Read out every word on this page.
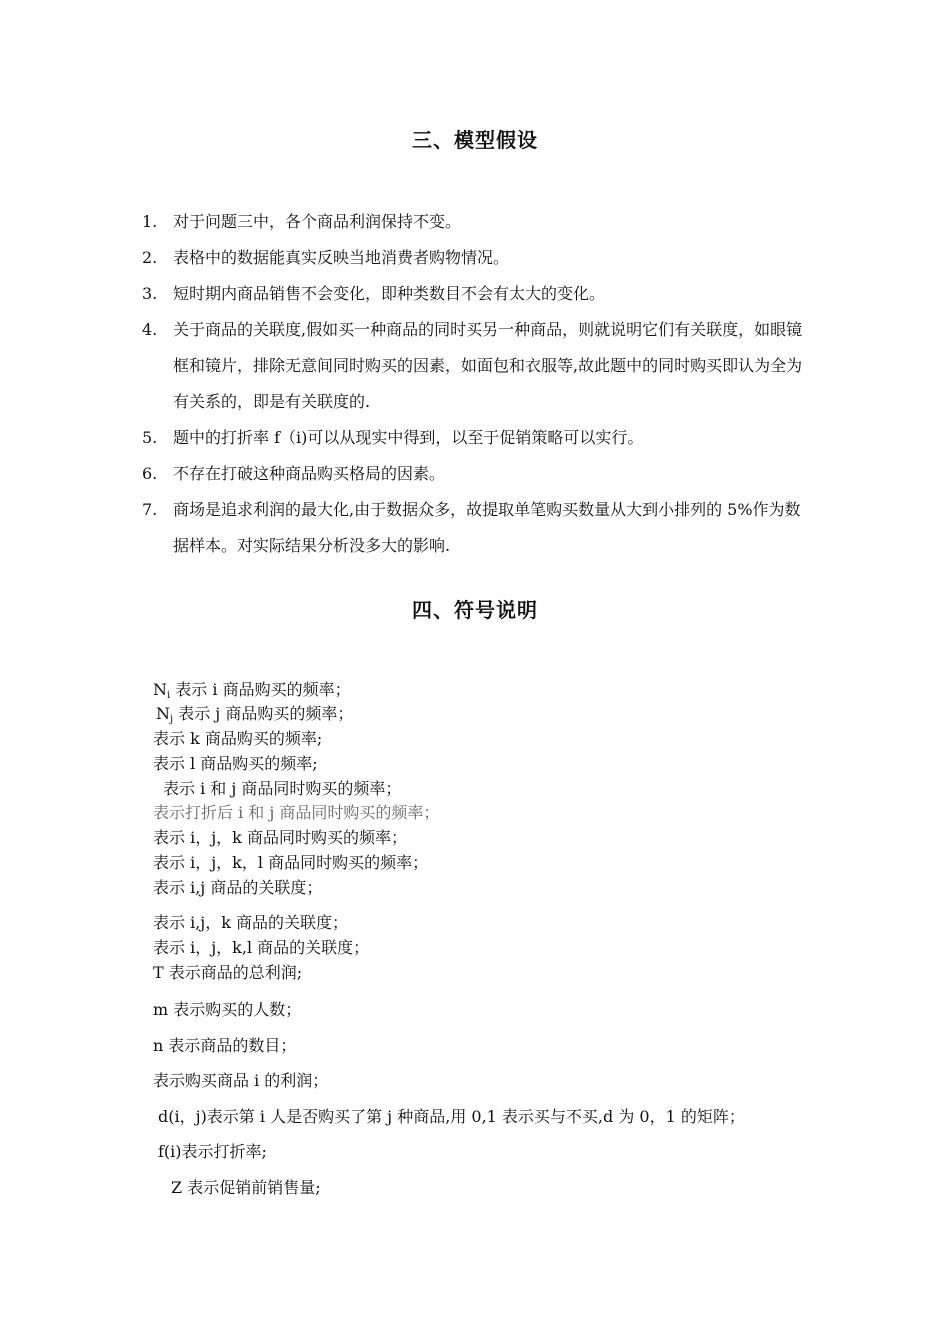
三、模型假设
1. 对于问题三中，各个商品利润保持不变。
2. 表格中的数据能真实反映当地消费者购物情况。
3. 短时期内商品销售不会变化，即种类数目不会有太大的变化。
4. 关于商品的关联度,假如买一种商品的同时买另一种商品，则就说明它们有关联度，如眼镜框和镜片，排除无意间同时购买的因素，如面包和衣服等,故此题中的同时购买即认为全为有关系的，即是有关联度的.
5. 题中的打折率 f（i)可以从现实中得到，以至于促销策略可以实行。
6. 不存在打破这种商品购买格局的因素。
7. 商场是追求利润的最大化,由于数据众多，故提取单笔购买数量从大到小排列的 5%作为数据样本。对实际结果分析没多大的影响.
四、符号说明
$N_i$ 表示 i 商品购买的频率；
$N_j$ 表示 j 商品购买的频率；
表示 k 商品购买的频率;
表示 l 商品购买的频率;
表示 i 和 j 商品同时购买的频率；
表示打折后 i 和 j 商品同时购买的频率；
表示 i，j，k 商品同时购买的频率；
表示 i，j，k，l 商品同时购买的频率；
表示 i,j 商品的关联度；
表示 i,j，k 商品的关联度；
表示 i，j，k,l 商品的关联度；
T 表示商品的总利润;
m 表示购买的人数；
n 表示商品的数目；
表示购买商品 i 的利润；
d(i，j)表示第 i 人是否购买了第 j 种商品,用 0,1 表示买与不买,d 为 0，1 的矩阵；
f(i)表示打折率;
Z 表示促销前销售量;
